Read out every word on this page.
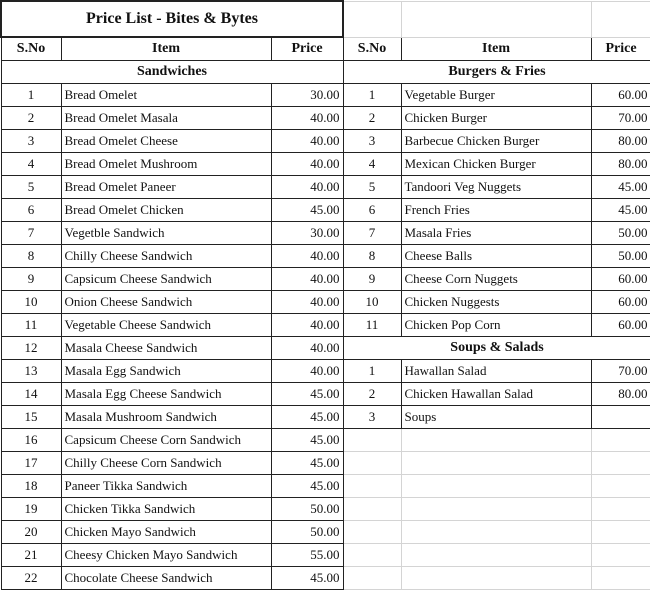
Price List - Bites & Bytes					
S.No	Item	Price	S.No	Item	Price
Sandwiches			Burgers & Fries		
1	Bread Omelet	30.00	1	Vegetable Burger	60.00
2	Bread Omelet Masala	40.00	2	Chicken Burger	70.00
3	Bread Omelet Cheese	40.00	3	Barbecue Chicken Burger	80.00
4	Bread Omelet Mushroom	40.00	4	Mexican Chicken Burger	80.00
5	Bread Omelet Paneer	40.00	5	Tandoori Veg Nuggets	45.00
6	Bread Omelet Chicken	45.00	6	French Fries	45.00
7	Vegetble Sandwich	30.00	7	Masala Fries	50.00
8	Chilly Cheese Sandwich	40.00	8	Cheese Balls	50.00
9	Capsicum Cheese Sandwich	40.00	9	Cheese Corn Nuggets	60.00
10	Onion Cheese Sandwich	40.00	10	Chicken Nuggests	60.00
11	Vegetable Cheese Sandwich	40.00	11	Chicken Pop Corn	60.00
12	Masala Cheese Sandwich	40.00	Soups & Salads		
13	Masala Egg Sandwich	40.00	1	Hawallan Salad	70.00
14	Masala Egg Cheese Sandwich	45.00	2	Chicken Hawallan Salad	80.00
15	Masala Mushroom Sandwich	45.00	3	Soups	
16	Capsicum Cheese Corn Sandwich	45.00			
17	Chilly Cheese Corn Sandwich	45.00			
18	Paneer Tikka Sandwich	45.00			
19	Chicken Tikka Sandwich	50.00			
20	Chicken Mayo Sandwich	50.00			
21	Cheesy Chicken Mayo Sandwich	55.00			
22	Chocolate Cheese Sandwich	45.00			
